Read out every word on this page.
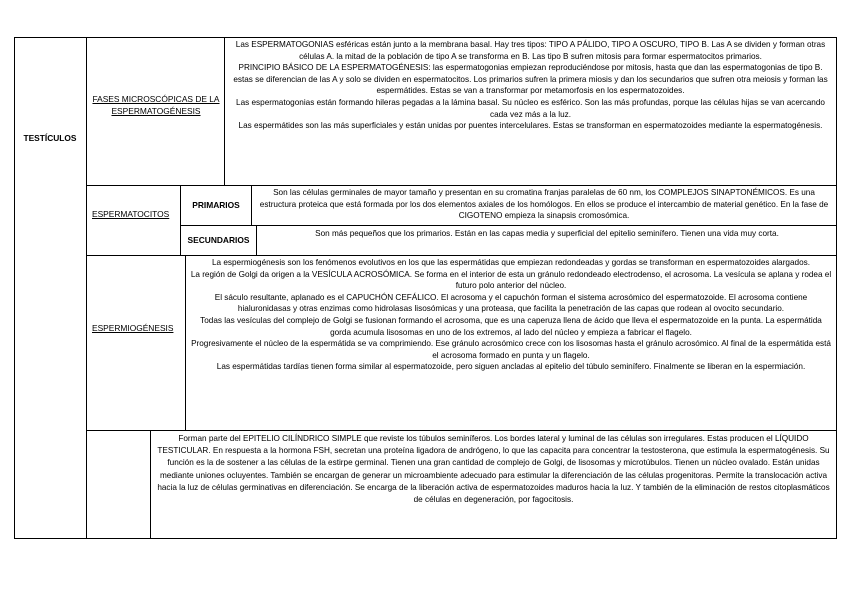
TESTÍCULOS
FASES MICROSCÓPICAS DE LA ESPERMATOGÉNESIS
Las ESPERMATOGONIAS esféricas están junto a la membrana basal. Hay tres tipos: TIPO A PÁLIDO, TIPO A OSCURO, TIPO B. Las A se dividen y forman otras células A. la mitad de la población de tipo A se transforma en B. Las tipo B sufren mitosis para formar espermatocitos primarios.
PRINCIPIO BÁSICO DE LA ESPERMATOGÉNESIS: las espermatogonias empiezan reproduciéndose por mitosis, hasta que dan las espermatogonias de tipo B. estas se diferencian de las A y solo se dividen en espermatocitos. Los primarios sufren la primera miosis y dan los secundarios que sufren otra meiosis y forman las espermátides. Estas se van a transformar por metamorfosis en los espermatozoides.
Las espermatogonias están formando hileras pegadas a la lámina basal. Su núcleo es esférico. Son las más profundas, porque las células hijas se van acercando cada vez más a la luz.
Las espermátides son las más superficiales y están unidas por puentes intercelulares. Estas se transforman en espermatozoides mediante la espermatogénesis.
ESPERMATOCITOS
PRIMARIOS
Son las células germinales de mayor tamaño y presentan en su cromatina franjas paralelas de 60 nm, los COMPLEJOS SINAPTONÉMICOS. Es una estructura proteica que está formada por los dos elementos axiales de los homólogos. En ellos se produce el intercambio de material genético. En la fase de CIGOTENO empieza la sinapsis cromosómica.
SECUNDARIOS
Son más pequeños que los primarios. Están en las capas media y superficial del epitelio seminífero. Tienen una vida muy corta.
ESPERMIOGÉNESIS
La espermiogénesis son los fenómenos evolutivos en los que las espermátidas que empiezan redondeadas y gordas se transforman en espermatozoides alargados.
La región de Golgi da origen a la VESÍCULA ACROSÓMICA. Se forma en el interior de esta un gránulo redondeado electrodenso, el acrosoma. La vesícula se aplana y rodea el futuro polo anterior del núcleo.
El sáculo resultante, aplanado es el CAPUCHÓN CEFÁLICO. El acrosoma y el capuchón forman el sistema acrosómico del espermatozoide. El acrosoma contiene hialuronidasas y otras enzimas como hidrolasas lisosómicas y una proteasa, que facilita la penetración de las capas que rodean al ovocito secundario.
Todas las vesículas del complejo de Golgi se fusionan formando el acrosoma, que es una caperuza llena de ácido que lleva el espermatozoide en la punta. La espermátida gorda acumula lisosomas en uno de los extremos, al lado del núcleo y empieza a fabricar el flagelo.
Progresivamente el núcleo de la espermátida se va comprimiendo. Ese gránulo acrosómico crece con los lisosomas hasta el gránulo acrosómico. Al final de la espermátida está el acrosoma formado en punta y un flagelo.
Las espermátidas tardías tienen forma similar al espermatozoide, pero siguen ancladas al epitelio del túbulo seminífero. Finalmente se liberan en la espermiación.
Forman parte del EPITELIO CILÍNDRICO SIMPLE que reviste los túbulos seminíferos. Los bordes lateral y luminal de las células son irregulares. Estas producen el LÍQUIDO TESTICULAR. En respuesta a la hormona FSH, secretan una proteína ligadora de andrógeno, lo que las capacita para concentrar la testosterona, que estimula la espermatogénesis. Su función es la de sostener a las células de la estirpe germinal. Tienen una gran cantidad de complejo de Golgi, de lisosomas y microtúbulos. Tienen un núcleo ovalado. Están unidas mediante uniones ocluyentes. También se encargan de generar un microambiente adecuado para estimular la diferenciación de las células progenitoras. Permite la translocación activa hacia la luz de células germinativas en diferenciación. Se encarga de la liberación activa de espermatozoides maduros hacia la luz. Y también de la eliminación de restos citoplasmáticos de células en degeneración, por fagocitosis.
